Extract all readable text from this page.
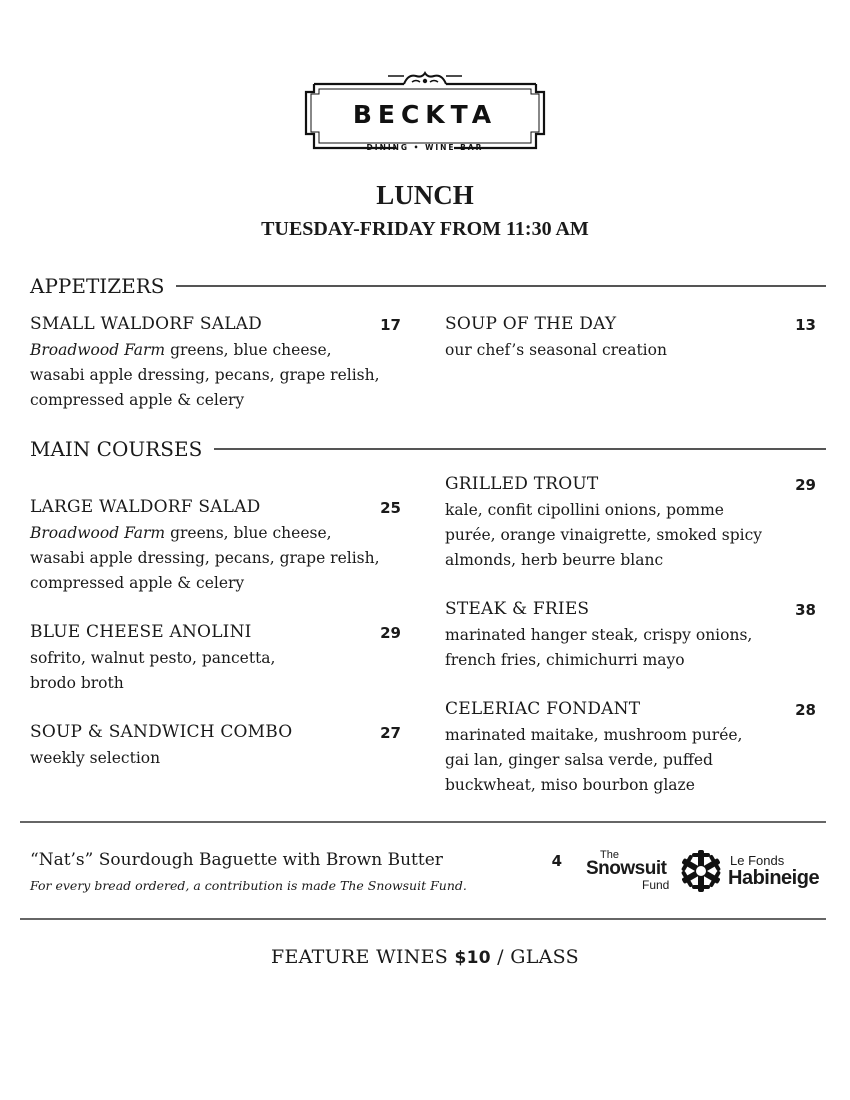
BECKTA
DINING • WINE BAR
LUNCH
TUESDAY-FRIDAY FROM 11:30 AM
APPETIZERS
SMALL WALDORF SALAD	17
Broadwood Farm greens, blue cheese,
wasabi apple dressing, pecans, grape relish,
compressed apple & celery
SOUP OF THE DAY	13
our chef’s seasonal creation
MAIN COURSES
LARGE WALDORF SALAD	25
Broadwood Farm greens, blue cheese,
wasabi apple dressing, pecans, grape relish,
compressed apple & celery
BLUE CHEESE ANOLINI	29
sofrito, walnut pesto, pancetta,
brodo broth
SOUP & SANDWICH COMBO	27
weekly selection
GRILLED TROUT	29
kale, confit cipollini onions, pomme
purée, orange vinaigrette, smoked spicy
almonds, herb beurre blanc
STEAK & FRIES	38
marinated hanger steak, crispy onions,
french fries, chimichurri mayo
CELERIAC FONDANT	28
marinated maitake, mushroom purée,
gai lan, ginger salsa verde, puffed
buckwheat, miso bourbon glaze
“Nat’s” Sourdough Baguette with Brown Butter	4
For every bread ordered, a contribution is made The Snowsuit Fund.
The
Snowsuit
Fund
Le Fonds
Habineige
FEATURE WINES $10 / GLASS
